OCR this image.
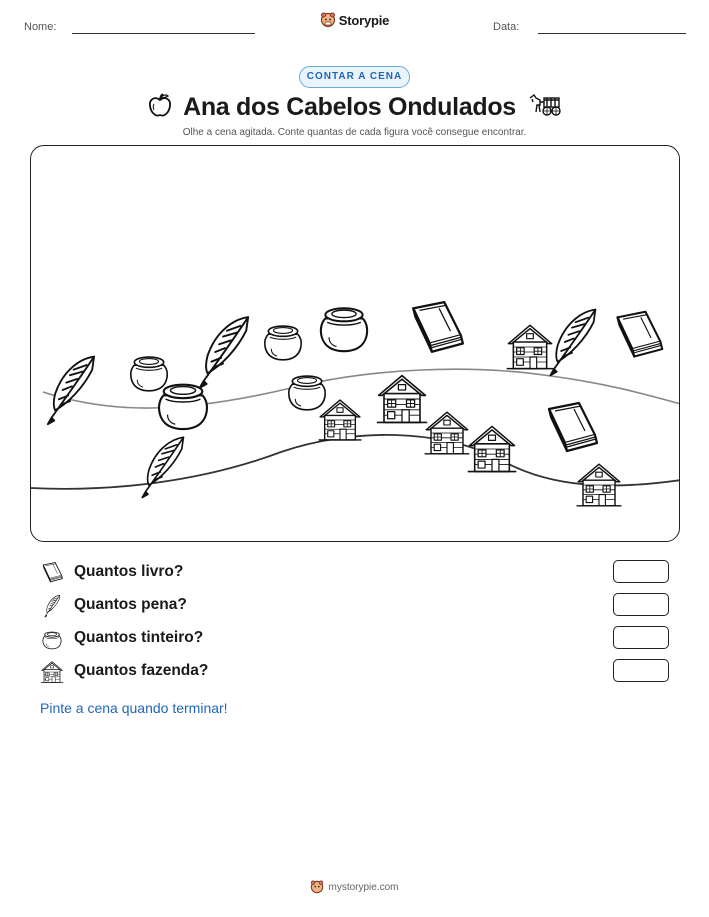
Nome:	Storypie	Data:
CONTAR A CENA
Ana dos Cabelos Ondulados
Olhe a cena agitada. Conte quantas de cada figura você consegue encontrar.
Quantos livro?
Quantos pena?
Quantos tinteiro?
Quantos fazenda?
Pinte a cena quando terminar!
mystorypie.com
